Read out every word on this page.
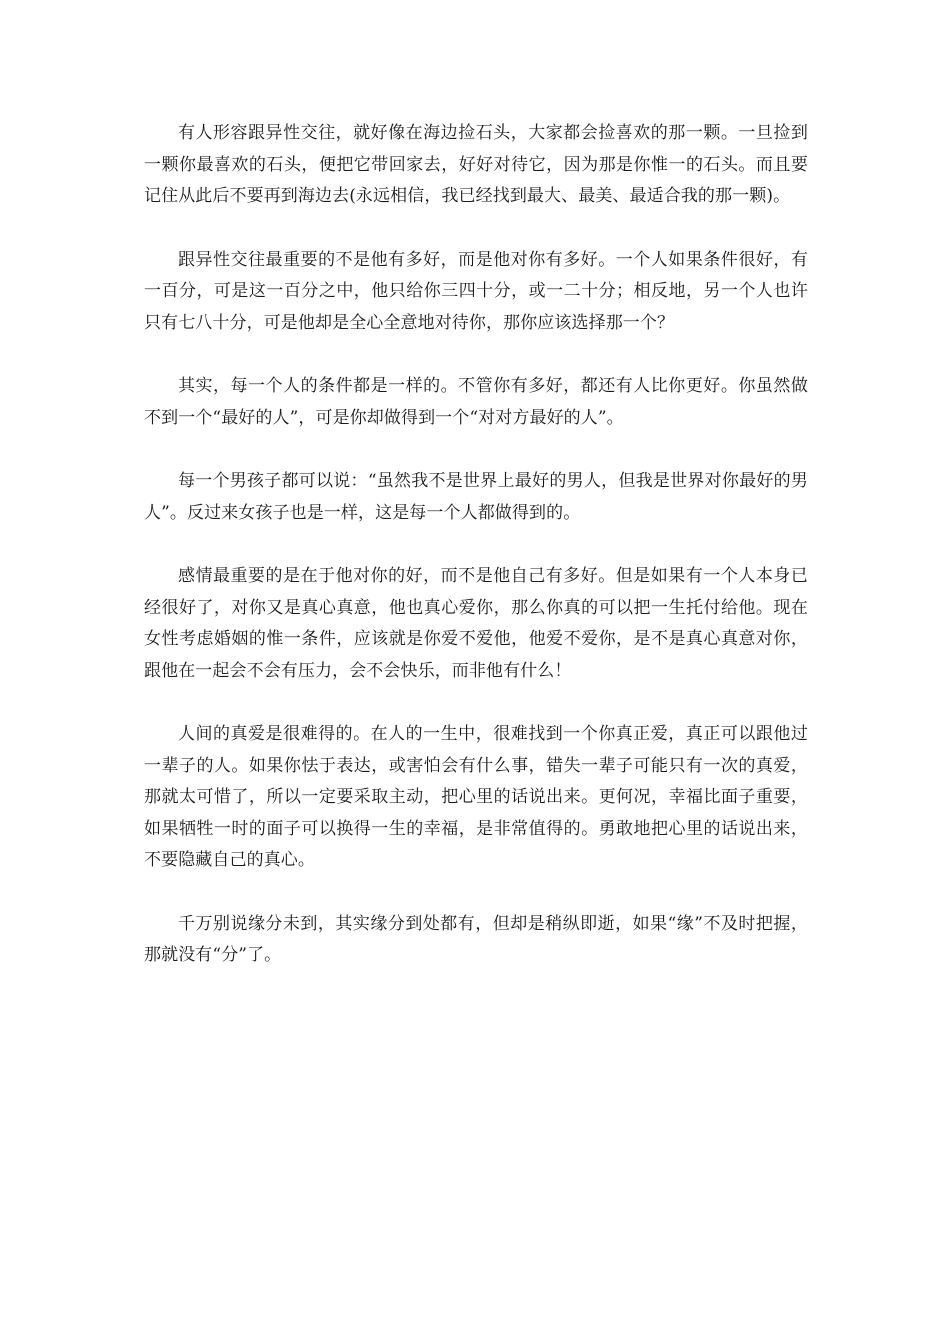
有人形容跟异性交往，就好像在海边捡石头，大家都会捡喜欢的那一颗。一旦捡到一颗你最喜欢的石头，便把它带回家去，好好对待它，因为那是你惟一的石头。而且要记住从此后不要再到海边去(永远相信，我已经找到最大、最美、最适合我的那一颗)。

跟异性交往最重要的不是他有多好，而是他对你有多好。一个人如果条件很好，有一百分，可是这一百分之中，他只给你三四十分，或一二十分；相反地，另一个人也许只有七八十分，可是他却是全心全意地对待你，那你应该选择那一个？

其实，每一个人的条件都是一样的。不管你有多好，都还有人比你更好。你虽然做不到一个“最好的人”，可是你却做得到一个“对对方最好的人”。

每一个男孩子都可以说：“虽然我不是世界上最好的男人，但我是世界对你最好的男人”。反过来女孩子也是一样，这是每一个人都做得到的。

感情最重要的是在于他对你的好，而不是他自己有多好。但是如果有一个人本身已经很好了，对你又是真心真意，他也真心爱你，那么你真的可以把一生托付给他。现在女性考虑婚姻的惟一条件，应该就是你爱不爱他，他爱不爱你，是不是真心真意对你，跟他在一起会不会有压力，会不会快乐，而非他有什么！

人间的真爱是很难得的。在人的一生中，很难找到一个你真正爱，真正可以跟他过一辈子的人。如果你怯于表达，或害怕会有什么事，错失一辈子可能只有一次的真爱，那就太可惜了，所以一定要采取主动，把心里的话说出来。更何况，幸福比面子重要，如果牺牲一时的面子可以换得一生的幸福，是非常值得的。勇敢地把心里的话说出来，不要隐藏自己的真心。

千万别说缘分未到，其实缘分到处都有，但却是稍纵即逝，如果“缘”不及时把握，那就没有“分”了。
